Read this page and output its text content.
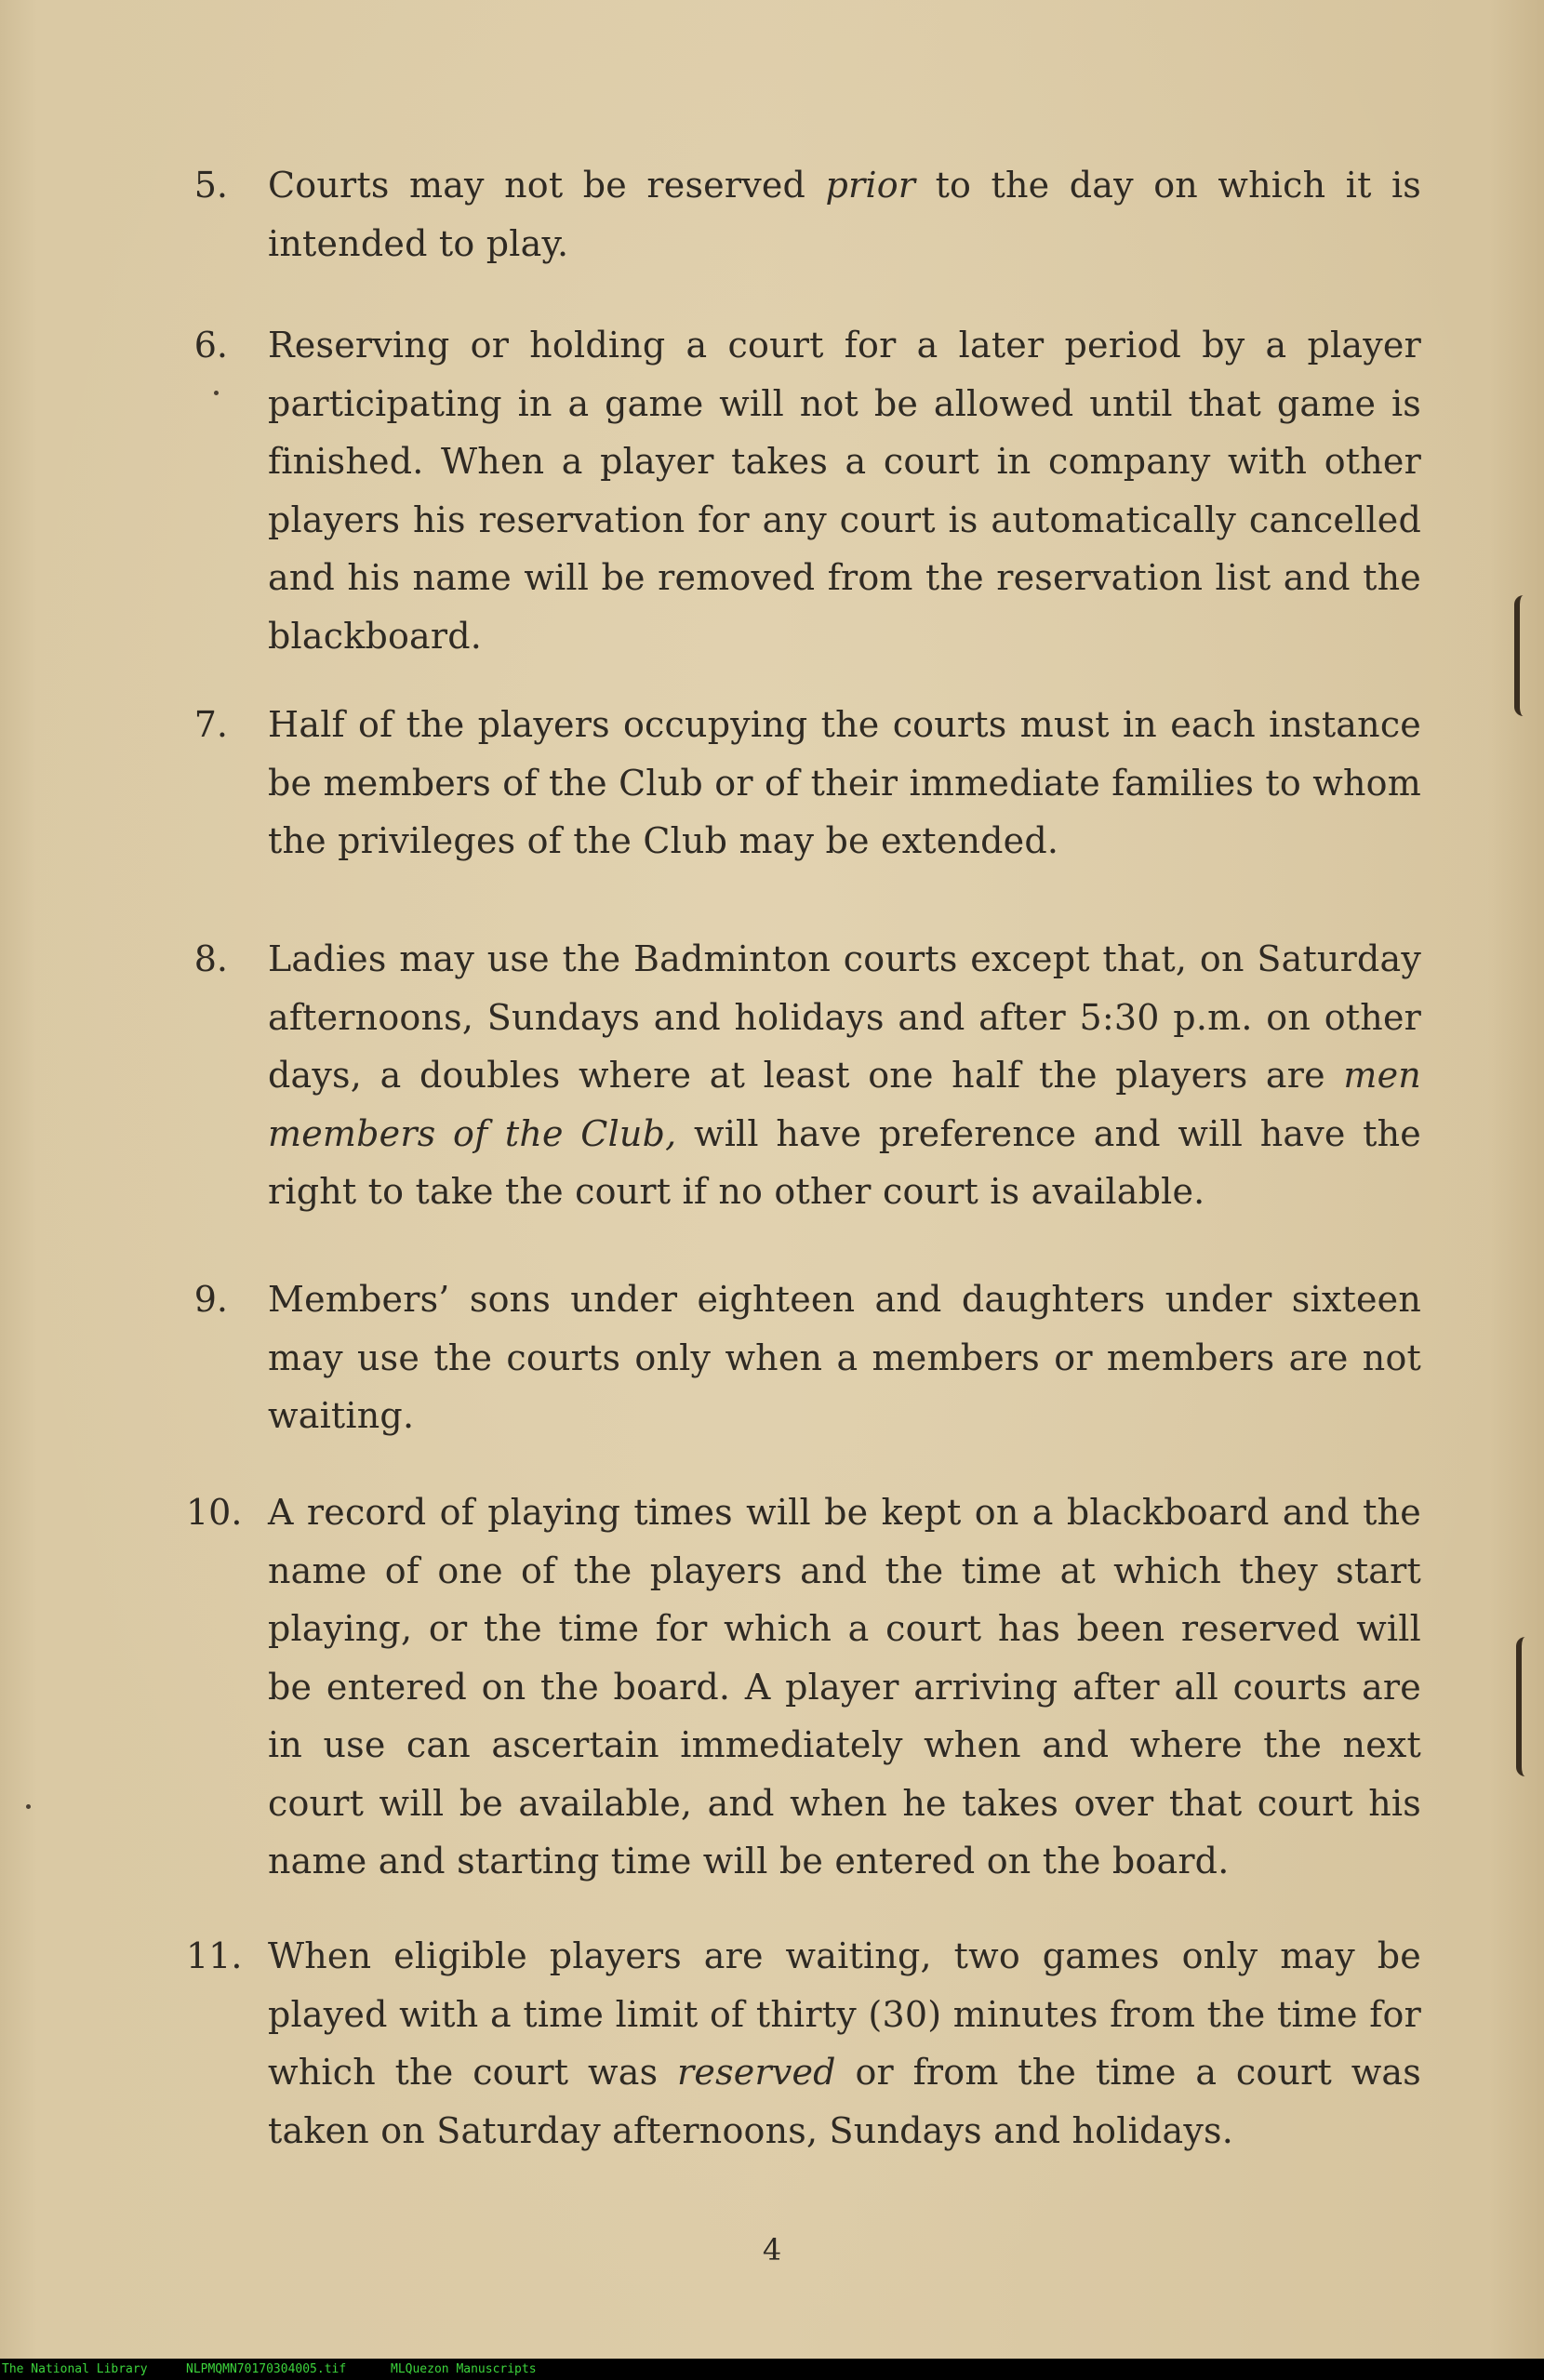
5. Courts may not be reserved prior to the day on which it is intended to play.
6. Reserving or holding a court for a later period by a player participating in a game will not be allowed until that game is finished. When a player takes a court in company with other players his reservation for any court is automatically cancelled and his name will be removed from the reservation list and the blackboard.
7. Half of the players occupying the courts must in each instance be members of the Club or of their immediate families to whom the privileges of the Club may be extended.
8. Ladies may use the Badminton courts except that, on Saturday afternoons, Sundays and holidays and after 5:30 p.m. on other days, a doubles where at least one half the players are men members of the Club, will have preference and will have the right to take the court if no other court is available.
9. Members’ sons under eighteen and daughters under sixteen may use the courts only when a members or members are not waiting.
10. A record of playing times will be kept on a blackboard and the name of one of the players and the time at which they start playing, or the time for which a court has been reserved will be entered on the board. A player arriving after all courts are in use can ascertain immediately when and where the next court will be available, and when he takes over that court his name and starting time will be entered on the board.
11. When eligible players are waiting, two games only may be played with a time limit of thirty (30) minutes from the time for which the court was reserved or from the time a court was taken on Saturday afternoons, Sundays and holidays.
4
The National Library	NLPMQMN70170304005.tif	MLQuezon Manuscripts
